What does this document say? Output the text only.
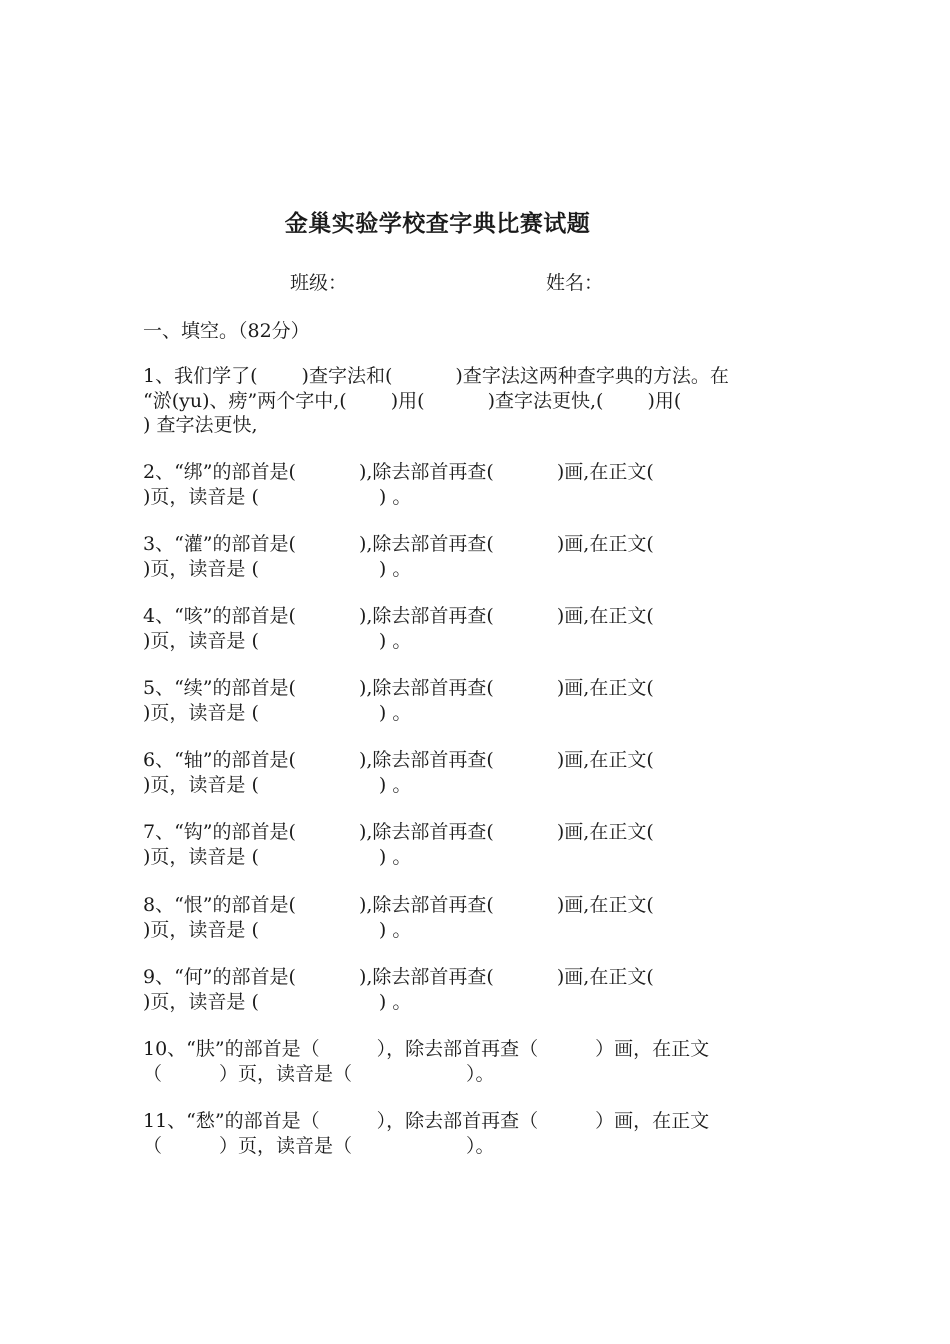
金巢实验学校查字典比赛试题
班级：	姓名：
一、填空。（82分）
1、我们学了(　　 )查字法和(　　　 )查字法这两种查字典的方法。在
“淤(yu)、痨”两个字中,(　　 )用(　　　 )查字法更快,(　　 )用(
) 查字法更快,
2、“绑”的部首是(　　　 ),除去部首再查(　　　 )画,在正文(
)页，读音是 (　　　　　　 ) 。
3、“灌”的部首是(　　　 ),除去部首再查(　　　 )画,在正文(
)页，读音是 (　　　　　　 ) 。
4、“咳”的部首是(　　　 ),除去部首再查(　　　 )画,在正文(
)页，读音是 (　　　　　　 ) 。
5、“续”的部首是(　　　 ),除去部首再查(　　　 )画,在正文(
)页，读音是 (　　　　　　 ) 。
6、“轴”的部首是(　　　 ),除去部首再查(　　　 )画,在正文(
)页，读音是 (　　　　　　 ) 。
7、“钩”的部首是(　　　 ),除去部首再查(　　　 )画,在正文(
)页，读音是 (　　　　　　 ) 。
8、“恨”的部首是(　　　 ),除去部首再查(　　　 )画,在正文(
)页，读音是 (　　　　　　 ) 。
9、“何”的部首是(　　　 ),除去部首再查(　　　 )画,在正文(
)页，读音是 (　　　　　　 ) 。
10、“肤”的部首是（　　　），除去部首再查（　　　）画，在正文
（　　　）页，读音是（　　　　　　）。
11、“愁”的部首是（　　　），除去部首再查（　　　）画，在正文
（　　　）页，读音是（　　　　　　）。
